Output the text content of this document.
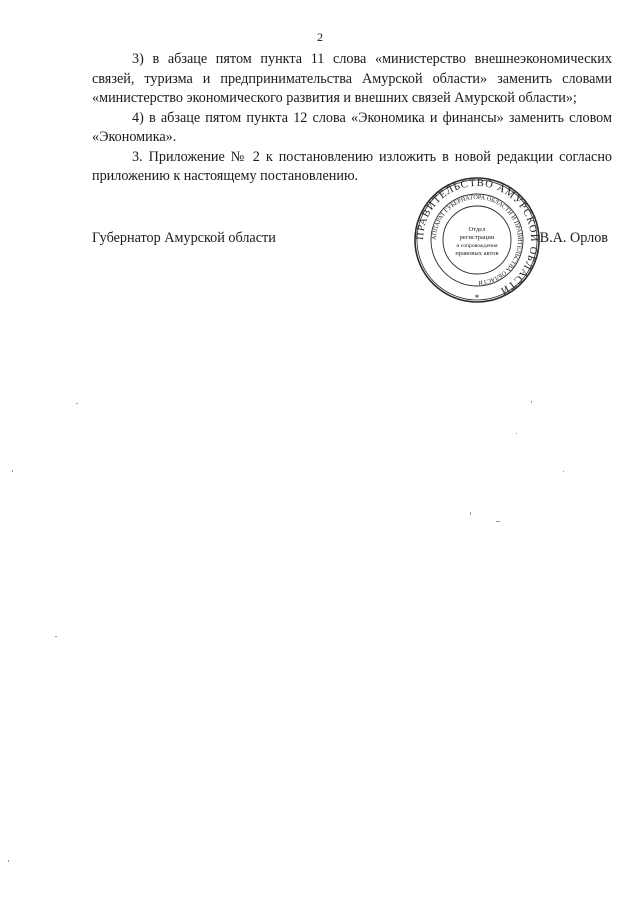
2

3) в абзаце пятом пункта 11 слова «министерство внешнеэкономических связей, туризма и предпринимательства Амурской области» заменить словами «министерство экономического развития и внешних связей Амурской области»;

4) в абзаце пятом пункта 12 слова «Экономика и финансы» заменить словом «Экономика».

3. Приложение № 2 к постановлению изложить в новой редакции согласно приложению к настоящему постановлению.

ПРАВИТЕЛЬСТВО АМУРСКОЙ ОБЛАСТИ
АППАРАТ ГУБЕРНАТОРА ОБЛАСТИ И ПРАВИТЕЛЬСТВА ОБЛАСТИ
Отдел
регистрации
и сопровождения
правовых актов
*
Губернатор Амурской области	В.А. Орлов
